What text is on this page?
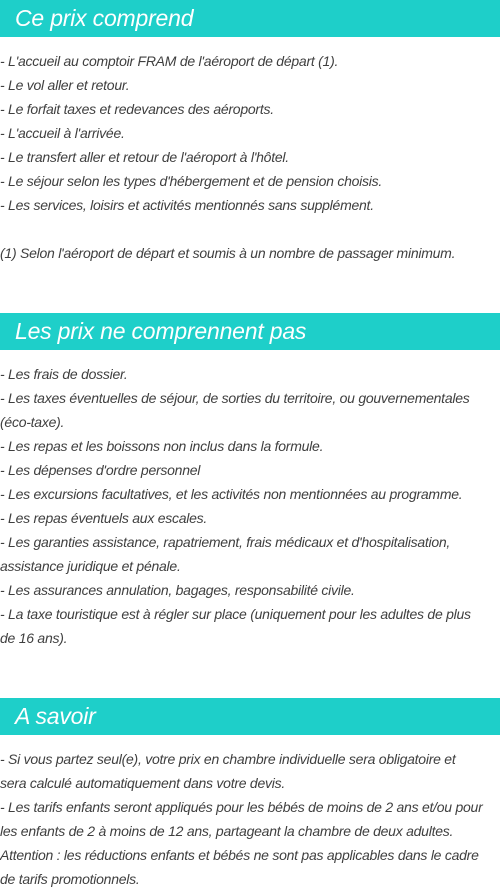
Ce prix comprend
- L'accueil au comptoir FRAM de l'aéroport de départ (1).
- Le vol aller et retour.
- Le forfait taxes et redevances des aéroports.
- L'accueil à l'arrivée.
- Le transfert aller et retour de l'aéroport à l'hôtel.
- Le séjour selon les types d'hébergement et de pension choisis.
- Les services, loisirs et activités mentionnés sans supplément.
(1) Selon l'aéroport de départ et soumis à un nombre de passager minimum.
Les prix ne comprennent pas
- Les frais de dossier.
- Les taxes éventuelles de séjour, de sorties du territoire, ou gouvernementales
(éco-taxe).
- Les repas et les boissons non inclus dans la formule.
- Les dépenses d'ordre personnel
- Les excursions facultatives, et les activités non mentionnées au programme.
- Les repas éventuels aux escales.
- Les garanties assistance, rapatriement, frais médicaux et d'hospitalisation,
assistance juridique et pénale.
- Les assurances annulation, bagages, responsabilité civile.
- La taxe touristique est à régler sur place (uniquement pour les adultes de plus
de 16 ans).
A savoir
- Si vous partez seul(e), votre prix en chambre individuelle sera obligatoire et
sera calculé automatiquement dans votre devis.
- Les tarifs enfants seront appliqués pour les bébés de moins de 2 ans et/ou pour
les enfants de 2 à moins de 12 ans, partageant la chambre de deux adultes.
Attention : les réductions enfants et bébés ne sont pas applicables dans le cadre
de tarifs promotionnels.
